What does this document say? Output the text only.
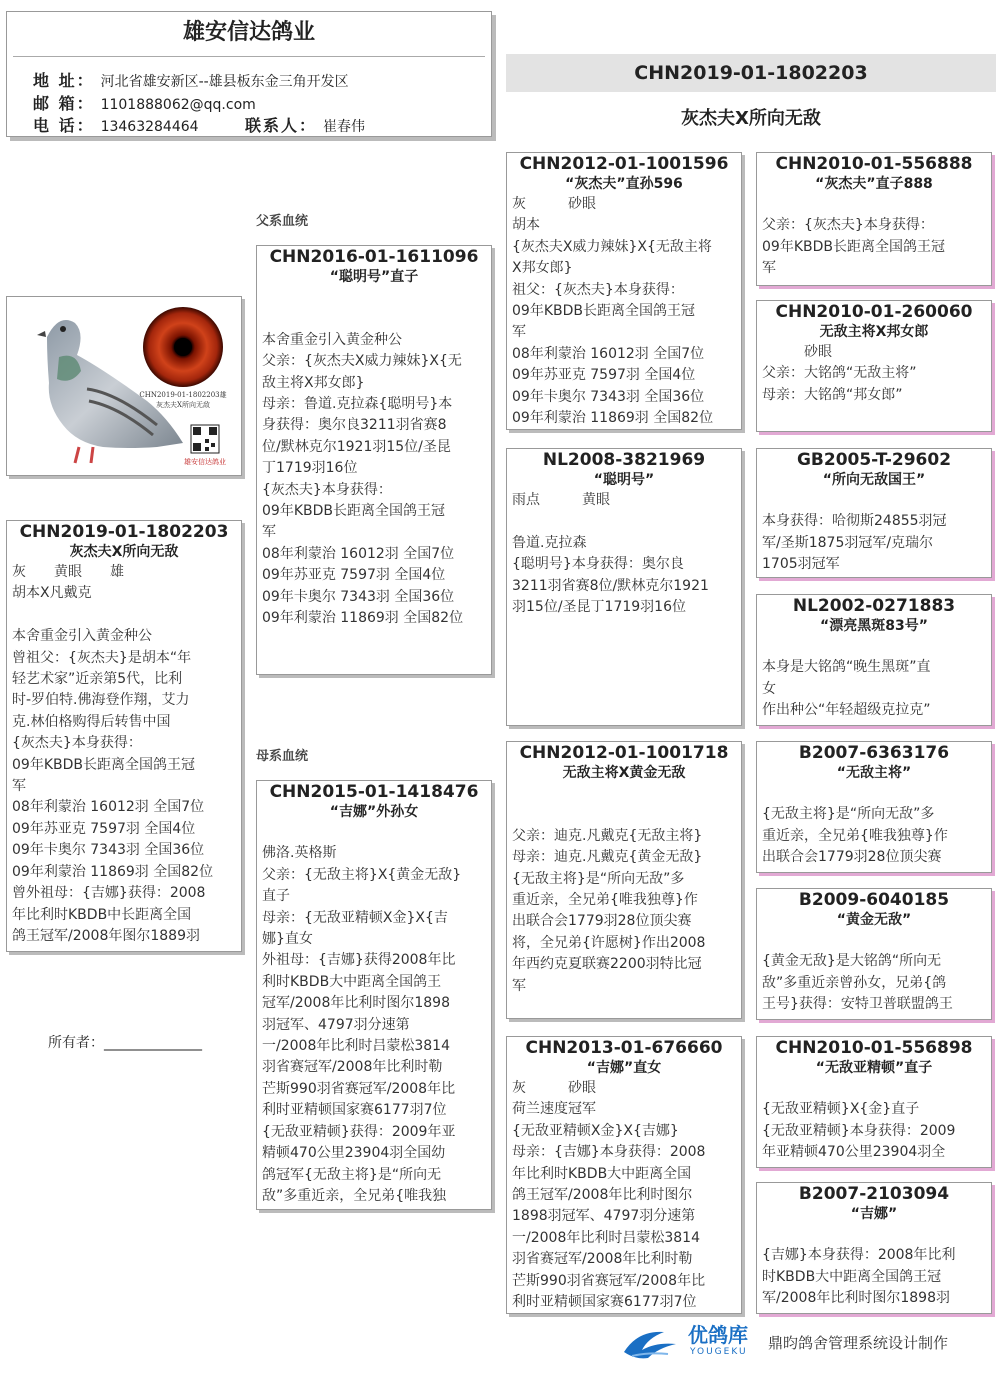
雄安信达鸽业
地 址： 河北省雄安新区--雄县板东金三角开发区
邮 箱： 1101888062@qq.com
电 话： 13463284464	联系人： 崔春伟
CHN2019-01-1802203
灰杰夫X所向无敌
父系血统
母系血统
所有者：______________
CHN2019-01-1802203雄
灰杰夫X所向无敌
雄安信达鸽业
CHN2019-01-1802203
灰杰夫X所向无敌
灰　　黄眼　　雄
胡本X凡戴克

本舍重金引入黄金种公
曾祖父：{灰杰夫}是胡本“年
轻艺术家”近亲第5代，比利
时-罗伯特.佛海登作翔，艾力
克.林伯格购得后转售中国
{灰杰夫}本身获得：
09年KBDB长距离全国鸽王冠
军
08年利蒙治 16012羽 全国7位
09年苏亚克 7597羽 全国4位
09年卡奥尔 7343羽 全国36位
09年利蒙治 11869羽 全国82位
曾外祖母：{吉娜}获得：2008
年比利时KBDB中长距离全国
鸽王冠军/2008年图尔1889羽
CHN2016-01-1611096
“聪明号”直子

本舍重金引入黄金种公
父亲：{灰杰夫X威力辣妹}X{无
敌主将X邦女郎}
母亲：鲁道.克拉森{聪明号}本
身获得：奥尔良3211羽省赛8
位/默林克尔1921羽15位/圣昆
丁1719羽16位
{灰杰夫}本身获得：
09年KBDB长距离全国鸽王冠
军
08年利蒙治 16012羽 全国7位
09年苏亚克 7597羽 全国4位
09年卡奥尔 7343羽 全国36位
09年利蒙治 11869羽 全国82位
CHN2015-01-1418476
“吉娜”外孙女

佛洛.英格斯
父亲：{无敌主将}X{黄金无敌}
直子
母亲：{无敌亚精顿X金}X{吉
娜}直女
外祖母：{吉娜}获得2008年比
利时KBDB大中距离全国鸽王
冠军/2008年比利时图尔1898
羽冠军、4797羽分速第
一/2008年比利时吕蒙松3814
羽省赛冠军/2008年比利时勒
芒斯990羽省赛冠军/2008年比
利时亚精顿国家赛6177羽7位
{无敌亚精顿}获得：2009年亚
精顿470公里23904羽全国幼
鸽冠军{无敌主将}是“所向无
敌”多重近亲，全兄弟{唯我独
CHN2012-01-1001596
“灰杰夫”直孙596
灰　　　砂眼
胡本
{灰杰夫X威力辣妹}X{无敌主将
X邦女郎}
祖父：{灰杰夫}本身获得：
09年KBDB长距离全国鸽王冠
军
08年利蒙治 16012羽 全国7位
09年苏亚克 7597羽 全国4位
09年卡奥尔 7343羽 全国36位
09年利蒙治 11869羽 全国82位
NL2008-3821969
“聪明号”
雨点　　　黄眼

鲁道.克拉森
{聪明号}本身获得：奥尔良
3211羽省赛8位/默林克尔1921
羽15位/圣昆丁1719羽16位
CHN2012-01-1001718
无敌主将X黄金无敌

父亲：迪克.凡戴克{无敌主将}
母亲：迪克.凡戴克{黄金无敌}
{无敌主将}是“所向无敌”多
重近亲，全兄弟{唯我独尊}作
出联合会1779羽28位顶尖赛
将，全兄弟{许愿树}作出2008
年西约克夏联赛2200羽特比冠
军
CHN2013-01-676660
“吉娜”直女
灰　　　砂眼
荷兰速度冠军
{无敌亚精顿X金}X{吉娜}
母亲：{吉娜}本身获得：2008
年比利时KBDB大中距离全国
鸽王冠军/2008年比利时图尔
1898羽冠军、4797羽分速第
一/2008年比利时吕蒙松3814
羽省赛冠军/2008年比利时勒
芒斯990羽省赛冠军/2008年比
利时亚精顿国家赛6177羽7位
CHN2010-01-556888
“灰杰夫”直子888

父亲：{灰杰夫}本身获得：
09年KBDB长距离全国鸽王冠
军
CHN2010-01-260060
无敌主将X邦女郎
　　　砂眼
父亲：大铭鸽“无敌主将”
母亲：大铭鸽“邦女郎”
GB2005-T-29602
“所向无敌国王”

本身获得：哈彻斯24855羽冠
军/圣斯1875羽冠军/克瑞尔
1705羽冠军
NL2002-0271883
“漂亮黑斑83号”

本身是大铭鸽“晚生黑斑”直
女
作出种公“年轻超级克拉克”
B2007-6363176
“无敌主将”

{无敌主将}是“所向无敌”多
重近亲，全兄弟{唯我独尊}作
出联合会1779羽28位顶尖赛
B2009-6040185
“黄金无敌”

{黄金无敌}是大铭鸽“所向无
敌”多重近亲曾孙女，兄弟{鸽
王号}获得：安特卫普联盟鸽王
CHN2010-01-556898
“无敌亚精顿”直子

{无敌亚精顿}X{金}直子
{无敌亚精顿}本身获得：2009
年亚精顿470公里23904羽全
B2007-2103094
“吉娜”

{吉娜}本身获得：2008年比利
时KBDB大中距离全国鸽王冠
军/2008年比利时图尔1898羽
优鸽库
YOUGEKU 鼎昀鸽舍管理系统设计制作
